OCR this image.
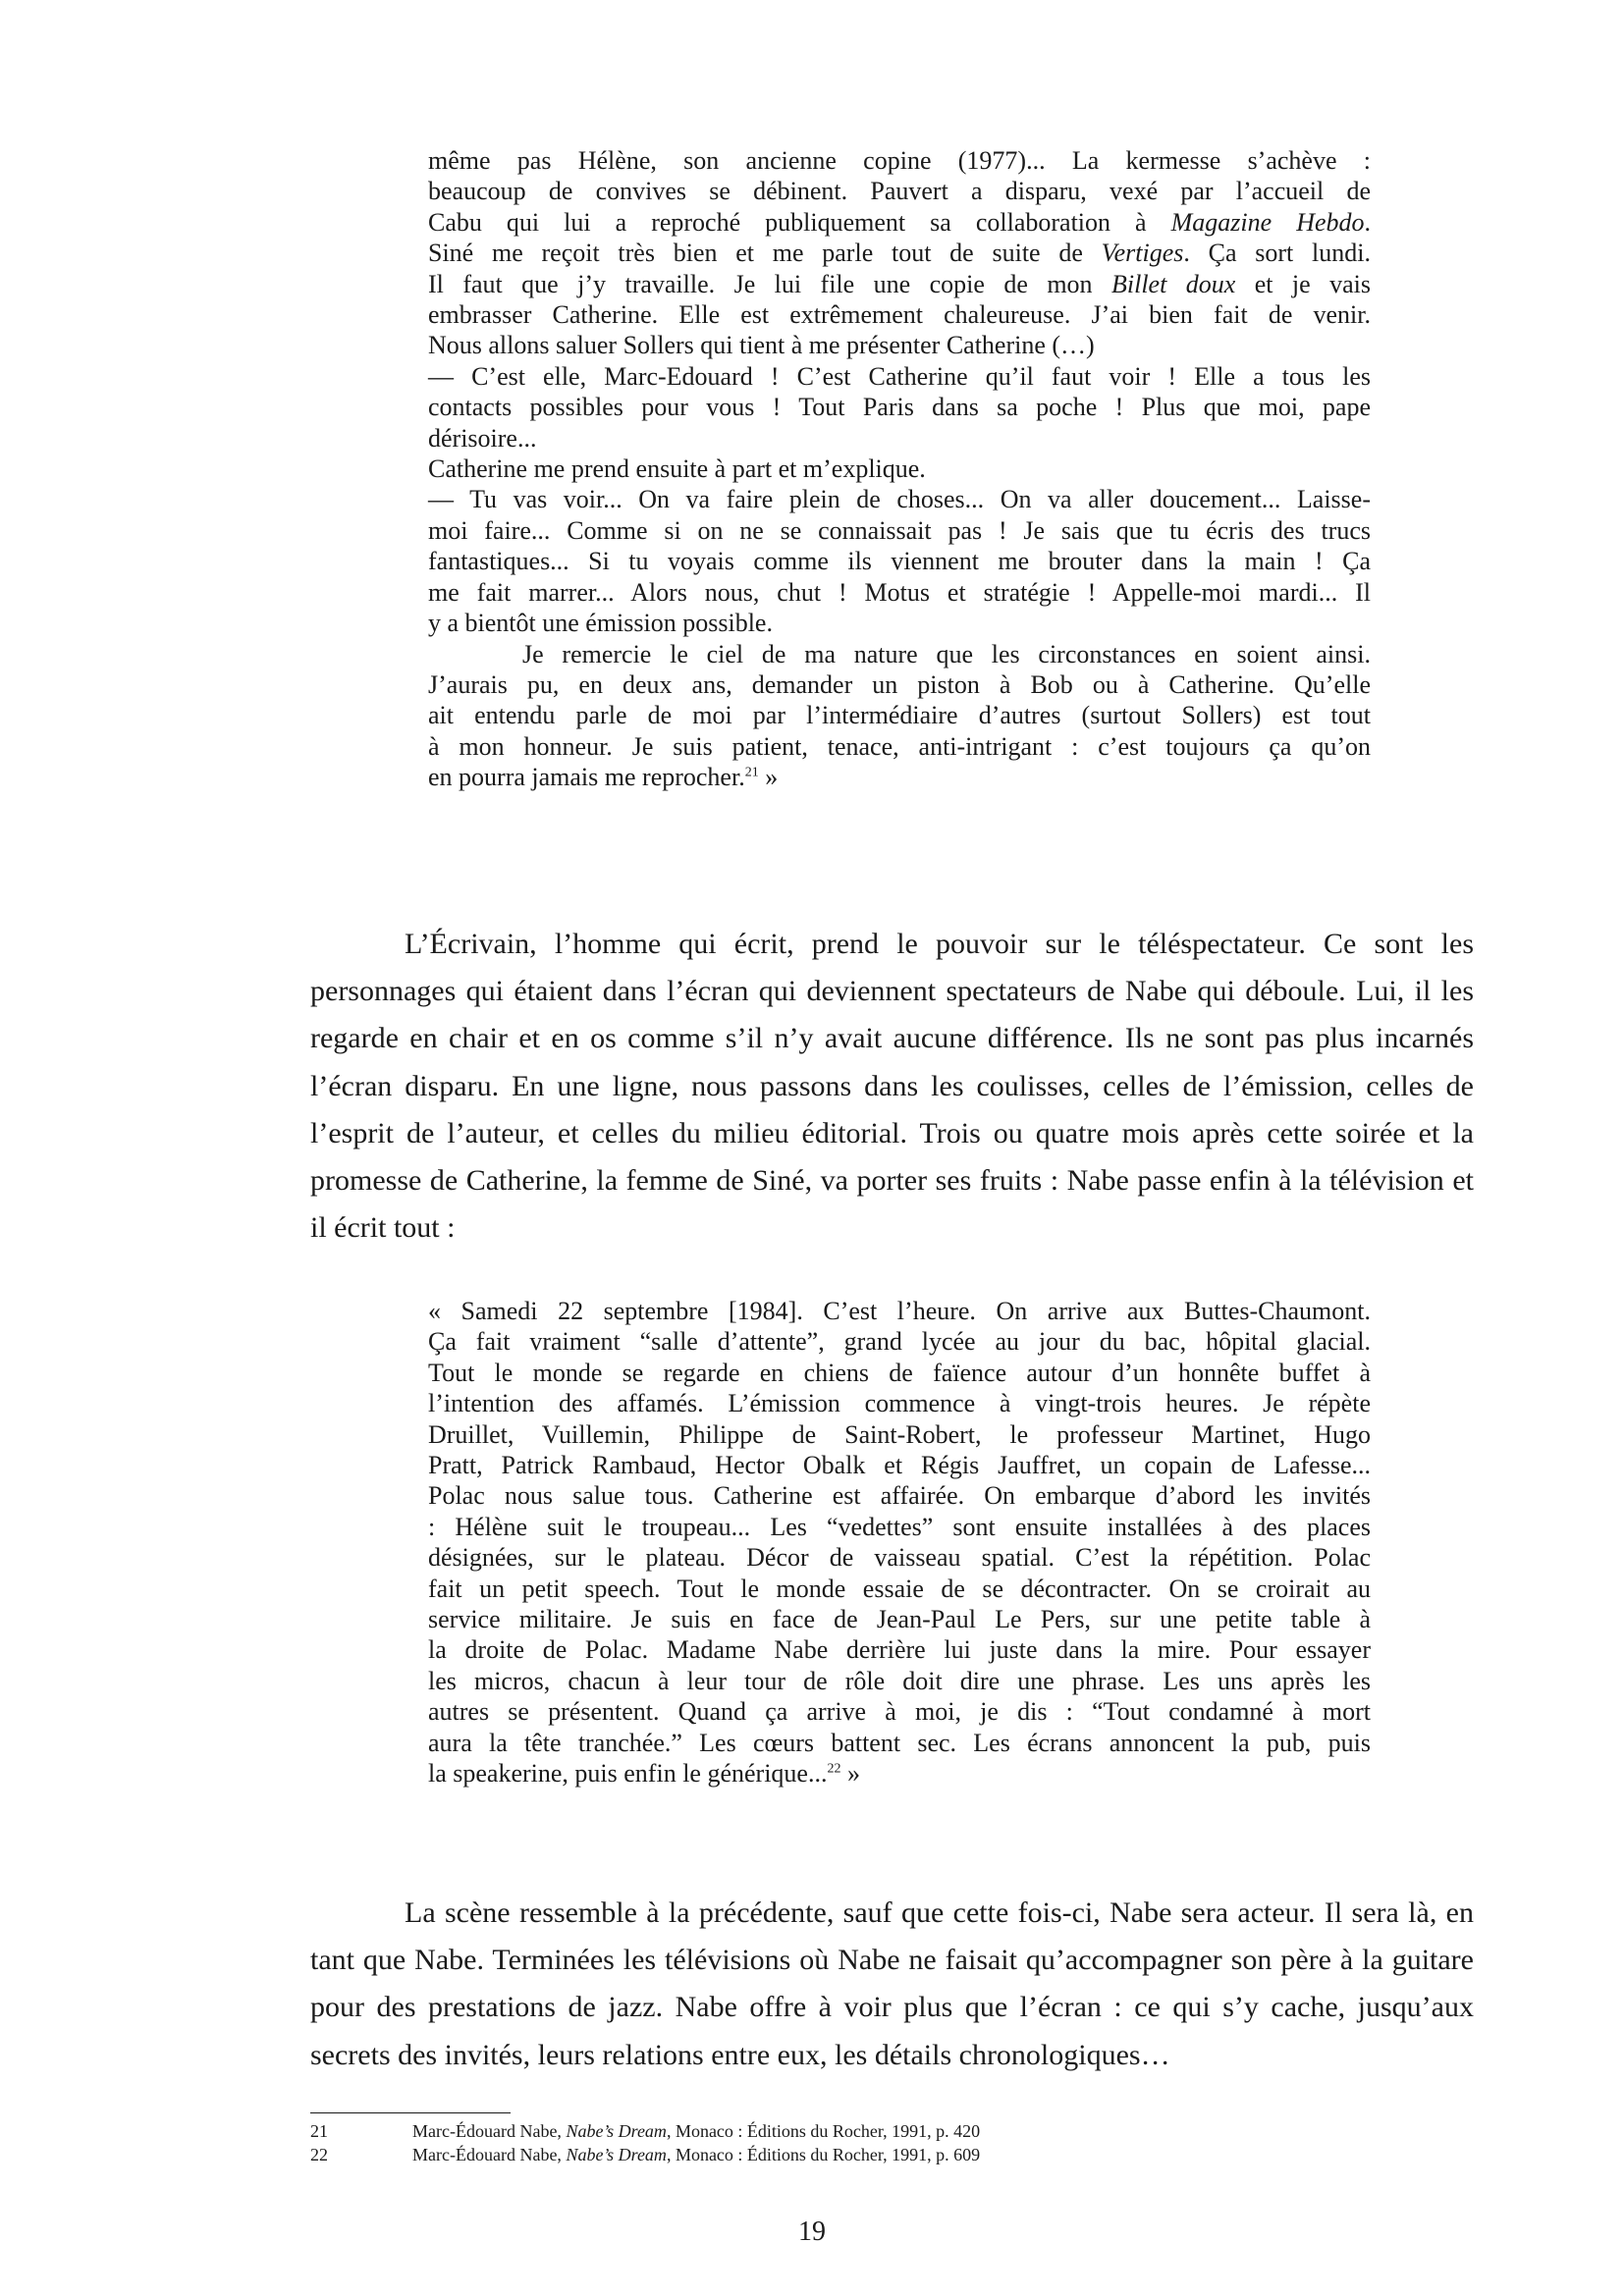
même pas Hélène, son ancienne copine (1977)... La kermesse s’achève :
beaucoup de convives se débinent. Pauvert a disparu, vexé par l’accueil de
Cabu qui lui a reproché publiquement sa collaboration à Magazine Hebdo.
Siné me reçoit très bien et me parle tout de suite de Vertiges. Ça sort lundi.
Il faut que j’y travaille. Je lui file une copie de mon Billet doux et je vais
embrasser Catherine. Elle est extrêmement chaleureuse. J’ai bien fait de venir.
Nous allons saluer Sollers qui tient à me présenter Catherine (…)
— C’est elle, Marc-Edouard ! C’est Catherine qu’il faut voir ! Elle a tous les
contacts possibles pour vous ! Tout Paris dans sa poche ! Plus que moi, pape
dérisoire...
Catherine me prend ensuite à part et m’explique.
— Tu vas voir... On va faire plein de choses... On va aller doucement... Laisse-
moi faire... Comme si on ne se connaissait pas ! Je sais que tu écris des trucs
fantastiques... Si tu voyais comme ils viennent me brouter dans la main ! Ça
me fait marrer... Alors nous, chut ! Motus et stratégie ! Appelle-moi mardi... Il
y a bientôt une émission possible.
Je remercie le ciel de ma nature que les circonstances en soient ainsi.
J’aurais pu, en deux ans, demander un piston à Bob ou à Catherine. Qu’elle
ait entendu parle de moi par l’intermédiaire d’autres (surtout Sollers) est tout
à mon honneur. Je suis patient, tenace, anti-intrigant : c’est toujours ça qu’on
en pourra jamais me reprocher.$^{21}$ »

L’Écrivain, l’homme qui écrit, prend le pouvoir sur le téléspectateur. Ce sont les personnages qui étaient dans l’écran qui deviennent spectateurs de Nabe qui déboule. Lui, il les regarde en chair et en os comme s’il n’y avait aucune différence. Ils ne sont pas plus incarnés l’écran disparu. En une ligne, nous passons dans les coulisses, celles de l’émission, celles de l’esprit de l’auteur, et celles du milieu éditorial. Trois ou quatre mois après cette soirée et la promesse de Catherine, la femme de Siné, va porter ses fruits : Nabe passe enfin à la télévision et il écrit tout :

« Samedi 22 septembre [1984]. C’est l’heure. On arrive aux Buttes-Chaumont.
Ça fait vraiment “salle d’attente”, grand lycée au jour du bac, hôpital glacial.
Tout le monde se regarde en chiens de faïence autour d’un honnête buffet à
l’intention des affamés. L’émission commence à vingt-trois heures. Je répète
Druillet, Vuillemin, Philippe de Saint-Robert, le professeur Martinet, Hugo
Pratt, Patrick Rambaud, Hector Obalk et Régis Jauffret, un copain de Lafesse...
Polac nous salue tous. Catherine est affairée. On embarque d’abord les invités
: Hélène suit le troupeau... Les “vedettes” sont ensuite installées à des places
désignées, sur le plateau. Décor de vaisseau spatial. C’est la répétition. Polac
fait un petit speech. Tout le monde essaie de se décontracter. On se croirait au
service militaire. Je suis en face de Jean-Paul Le Pers, sur une petite table à
la droite de Polac. Madame Nabe derrière lui juste dans la mire. Pour essayer
les micros, chacun à leur tour de rôle doit dire une phrase. Les uns après les
autres se présentent. Quand ça arrive à moi, je dis : “Tout condamné à mort
aura la tête tranchée.” Les cœurs battent sec. Les écrans annoncent la pub, puis
la speakerine, puis enfin le générique...$^{22}$ »

La scène ressemble à la précédente, sauf que cette fois-ci, Nabe sera acteur. Il sera là, en tant que Nabe. Terminées les télévisions où Nabe ne faisait qu’accompagner son père à la guitare pour des prestations de jazz. Nabe offre à voir plus que l’écran : ce qui s’y cache, jusqu’aux secrets des invités, leurs relations entre eux, les détails chronologiques…

21	Marc-Édouard Nabe, Nabe’s Dream, Monaco : Éditions du Rocher, 1991, p. 420
22	Marc-Édouard Nabe, Nabe’s Dream, Monaco : Éditions du Rocher, 1991, p. 609
19
